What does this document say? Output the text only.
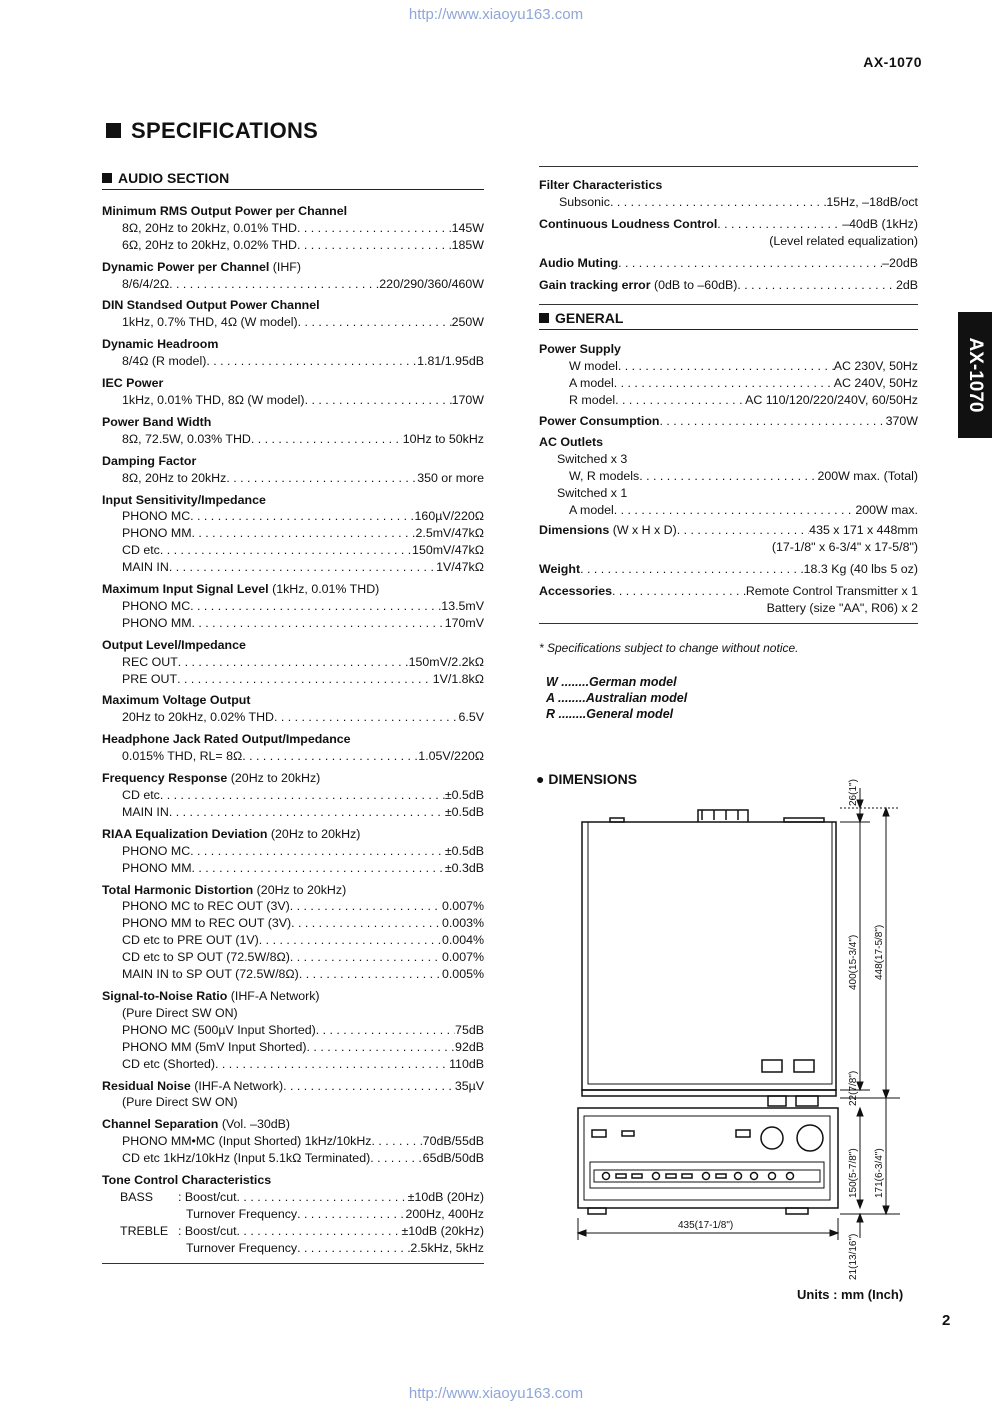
http://www.xiaoyu163.com
http://www.xiaoyu163.com
AX-1070
AX-1070
SPECIFICATIONS
AUDIO SECTION
Minimum RMS Output Power per Channel
8Ω, 20Hz to 20kHz, 0.01% THD . . .	145W
6Ω, 20Hz to 20kHz, 0.02% THD . . .	185W
Dynamic Power per Channel (IHF)
8/6/4/2Ω . . .	220/290/360/460W
DIN Standsed Output Power Channel
1kHz, 0.7% THD, 4Ω (W model) . . .	250W
Dynamic Headroom
8/4Ω (R model) . . .	1.81/1.95dB
IEC Power
1kHz, 0.01% THD, 8Ω (W model) . . .	170W
Power Band Width
8Ω, 72.5W, 0.03% THD . . .	10Hz to 50kHz
Damping Factor
8Ω, 20Hz to 20kHz . . .	350 or more
Input Sensitivity/Impedance
PHONO MC . . .	160µV/220Ω
PHONO MM . . .	2.5mV/47kΩ
CD etc . . .	150mV/47kΩ
MAIN IN . . .	1V/47kΩ
Maximum Input Signal Level (1kHz, 0.01% THD)
PHONO MC . . .	13.5mV
PHONO MM . . .	170mV
Output Level/Impedance
REC OUT . . .	150mV/2.2kΩ
PRE OUT . . .	1V/1.8kΩ
Maximum Voltage Output
20Hz to 20kHz, 0.02% THD . . .	6.5V
Headphone Jack Rated Output/Impedance
0.015% THD, RL= 8Ω . . .	1.05V/220Ω
Frequency Response (20Hz to 20kHz)
CD etc . . .	±0.5dB
MAIN IN . . .	±0.5dB
RIAA Equalization Deviation (20Hz to 20kHz)
PHONO MC . . .	±0.5dB
PHONO MM . . .	±0.3dB
Total Harmonic Distortion (20Hz to 20kHz)
PHONO MC to REC OUT (3V) . . .	0.007%
PHONO MM to REC OUT (3V) . . .	0.003%
CD etc to PRE OUT (1V) . . .	0.004%
CD etc to SP OUT (72.5W/8Ω) . . .	0.007%
MAIN IN to SP OUT (72.5W/8Ω) . . .	0.005%
Signal-to-Noise Ratio (IHF-A Network)
(Pure Direct SW ON)
PHONO MC (500µV Input Shorted) . . .	75dB
PHONO MM (5mV Input Shorted) . . .	92dB
CD etc (Shorted) . . .	110dB
Residual Noise (IHF-A Network) . . .	35µV
(Pure Direct SW ON)
Channel Separation (Vol. –30dB)
PHONO MM•MC (Input Shorted) 1kHz/10kHz . . .	70dB/55dB
CD etc 1kHz/10kHz (Input 5.1kΩ Terminated) . . .	65dB/50dB
Tone Control Characteristics
BASS	: Boost/cut . . .	±10dB (20Hz)
Turnover Frequency . . .	200Hz, 400Hz
TREBLE : Boost/cut . . .	±10dB (20kHz)
Turnover Frequency . . .	2.5kHz, 5kHz
Filter Characteristics
Subsonic . . .	15Hz, –18dB/oct
Continuous Loudness Control . . .	–40dB (1kHz)
(Level related equalization)
Audio Muting . . .	–20dB
Gain tracking error (0dB to –60dB) . . .	2dB
GENERAL
Power Supply
W model . . .	AC 230V, 50Hz
A model . . .	AC 240V, 50Hz
R model . . .	AC 110/120/220/240V, 60/50Hz
Power Consumption . . .	370W
AC Outlets
Switched x 3
W, R models . . .	200W max. (Total)
Switched x 1
A model . . .	200W max.
Dimensions (W x H x D) . . .	435 x 171 x 448mm
(17-1/8" x 6-3/4" x 17-5/8")
Weight . . .	18.3 Kg (40 lbs 5 oz)
Accessories . . .	Remote Control Transmitter x 1
Battery (size "AA", R06) x 2
* Specifications subject to change without notice.
W ........German model
A ........Australian model
R ........General model
● DIMENSIONS
26(1")
400(15-3/4") 448(17-5/8")
22(7/8")
150(5-7/8") 171(6-3/4")
435(17-1/8")
21(13/16")
Units : mm (Inch)
2
